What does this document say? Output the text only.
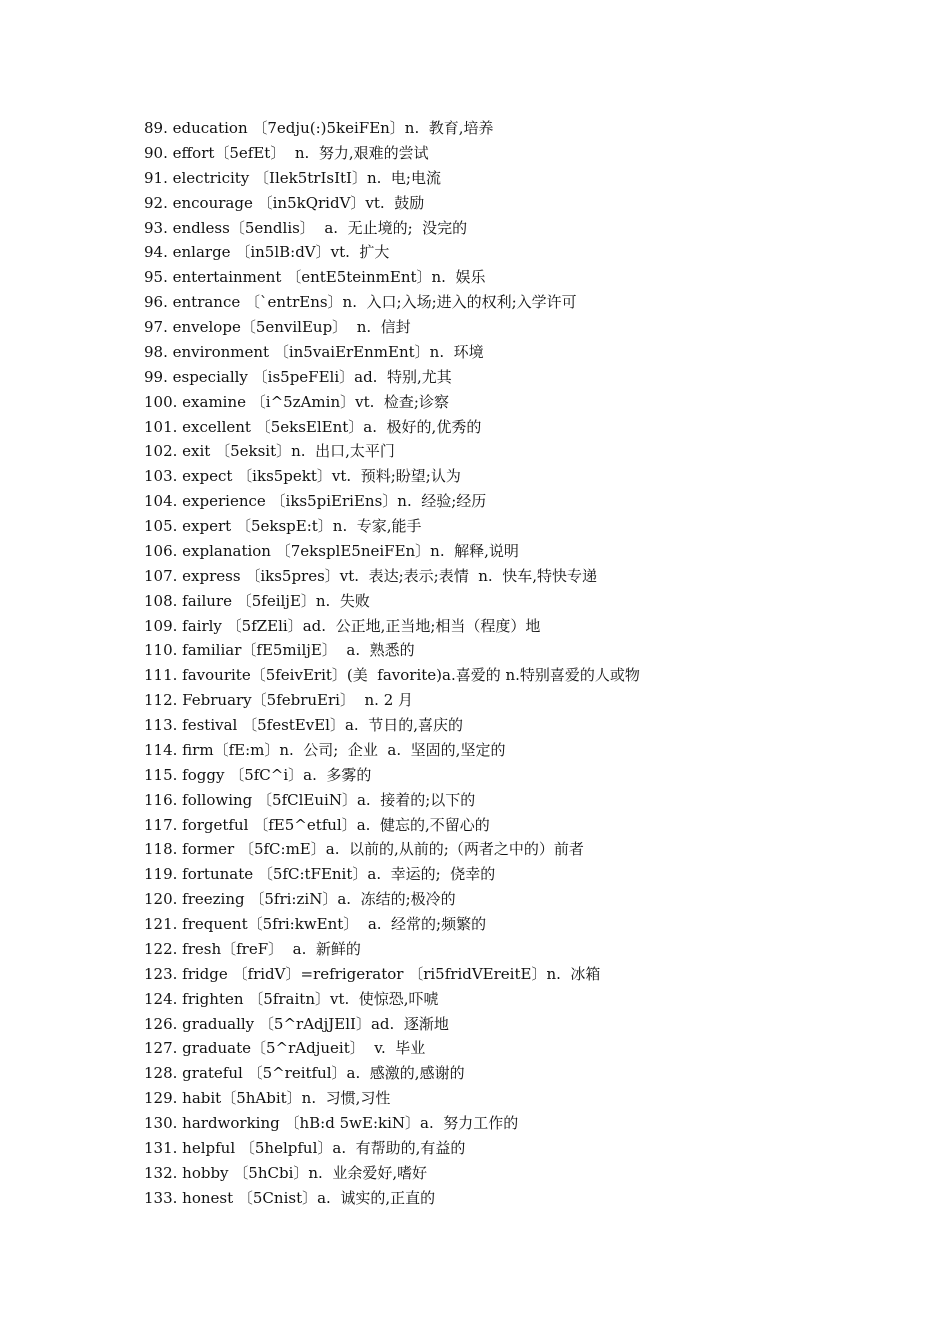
89. education 〔7edju(:)5keiFEn〕n.  教育,培养
90. effort〔5efEt〕  n.  努力,艰难的尝试
91. electricity 〔Ilek5trIsItI〕n.  电;电流
92. encourage 〔in5kQridV〕vt.  鼓励
93. endless〔5endlis〕  a.  无止境的;  没完的
94. enlarge 〔in5lB:dV〕vt.  扩大
95. entertainment 〔entE5teinmEnt〕n.  娱乐
96. entrance 〔`entrEns〕n.  入口;入场;进入的权利;入学许可
97. envelope〔5envilEup〕  n.  信封
98. environment 〔in5vaiErEnmEnt〕n.  环境
99. especially 〔is5peFEli〕ad.  特别,尤其
100. examine 〔i^5zAmin〕vt.  检查;诊察
101. excellent 〔5eksElEnt〕a.  极好的,优秀的
102. exit 〔5eksit〕n.  出口,太平门
103. expect 〔iks5pekt〕vt.  预料;盼望;认为
104. experience 〔iks5piEriEns〕n.  经验;经历
105. expert 〔5ekspE:t〕n.  专家,能手
106. explanation 〔7eksplE5neiFEn〕n.  解释,说明
107. express 〔iks5pres〕vt.  表达;表示;表情  n.  快车,特快专递
108. failure 〔5feiljE〕n.  失败
109. fairly 〔5fZEli〕ad.  公正地,正当地;相当（程度）地
110. familiar〔fE5miljE〕  a.  熟悉的
111. favourite〔5feivErit〕(美  favorite)a.喜爱的 n.特别喜爱的人或物
112. February〔5februEri〕  n. 2 月
113. festival 〔5festEvEl〕a.  节日的,喜庆的
114. firm〔fE:m〕n.  公司;  企业  a.  坚固的,坚定的
115. foggy 〔5fC^i〕a.  多雾的
116. following 〔5fClEuiN〕a.  接着的;以下的
117. forgetful 〔fE5^etful〕a.  健忘的,不留心的
118. former 〔5fC:mE〕a.  以前的,从前的;（两者之中的）前者
119. fortunate 〔5fC:tFEnit〕a.  幸运的;  侥幸的
120. freezing 〔5fri:ziN〕a.  冻结的;极冷的
121. frequent〔5fri:kwEnt〕  a.  经常的;频繁的
122. fresh〔freF〕  a.  新鲜的
123. fridge 〔fridV〕=refrigerator 〔ri5fridVEreitE〕n.  冰箱
124. frighten 〔5fraitn〕vt.  使惊恐,吓唬
126. gradually 〔5^rAdjJElI〕ad.  逐渐地
127. graduate〔5^rAdjueit〕  v.  毕业
128. grateful 〔5^reitful〕a.  感激的,感谢的
129. habit〔5hAbit〕n.  习惯,习性
130. hardworking 〔hB:d 5wE:kiN〕a.  努力工作的
131. helpful 〔5helpful〕a.  有帮助的,有益的
132. hobby 〔5hCbi〕n.  业余爱好,嗜好
133. honest 〔5Cnist〕a.  诚实的,正直的
